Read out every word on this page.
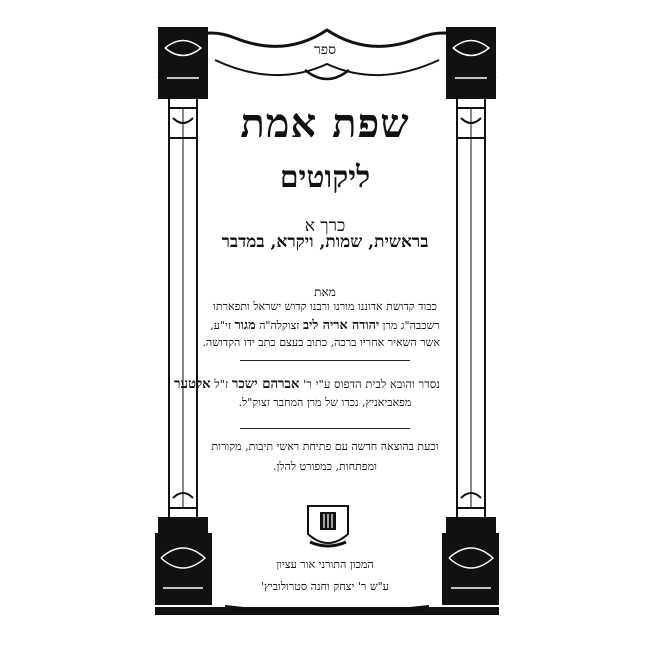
ספר
שפת אמת
ליקוטים
כרך א
בראשית, שמות, ויקרא, במדבר
מאת
כבוד קדושת אדוננו מורנו ורבנו קדוש ישראל ותפארתו
רשכבה"ג מרן יהודה אריה ליב זצוקלה"ה מגור זי"ע,
אשר השאיר אחריו ברכה, כתוב בעצם כתב ידו הקדושה.
נסדר והובא לבית הדפוס ע"י ר' אברהם ישכר ז"ל אלטער
מפאביאניץ, נכדו של מרן המחבר זצוק"ל.
וכעת בהוצאה חדשה עם פתיחת ראשי תיבות, מקורות
ומפתחות, כמפורט להלן.
המכון התורני אור עציון
ע"ש ר' יצחק וחנה סטרולוביץ'
